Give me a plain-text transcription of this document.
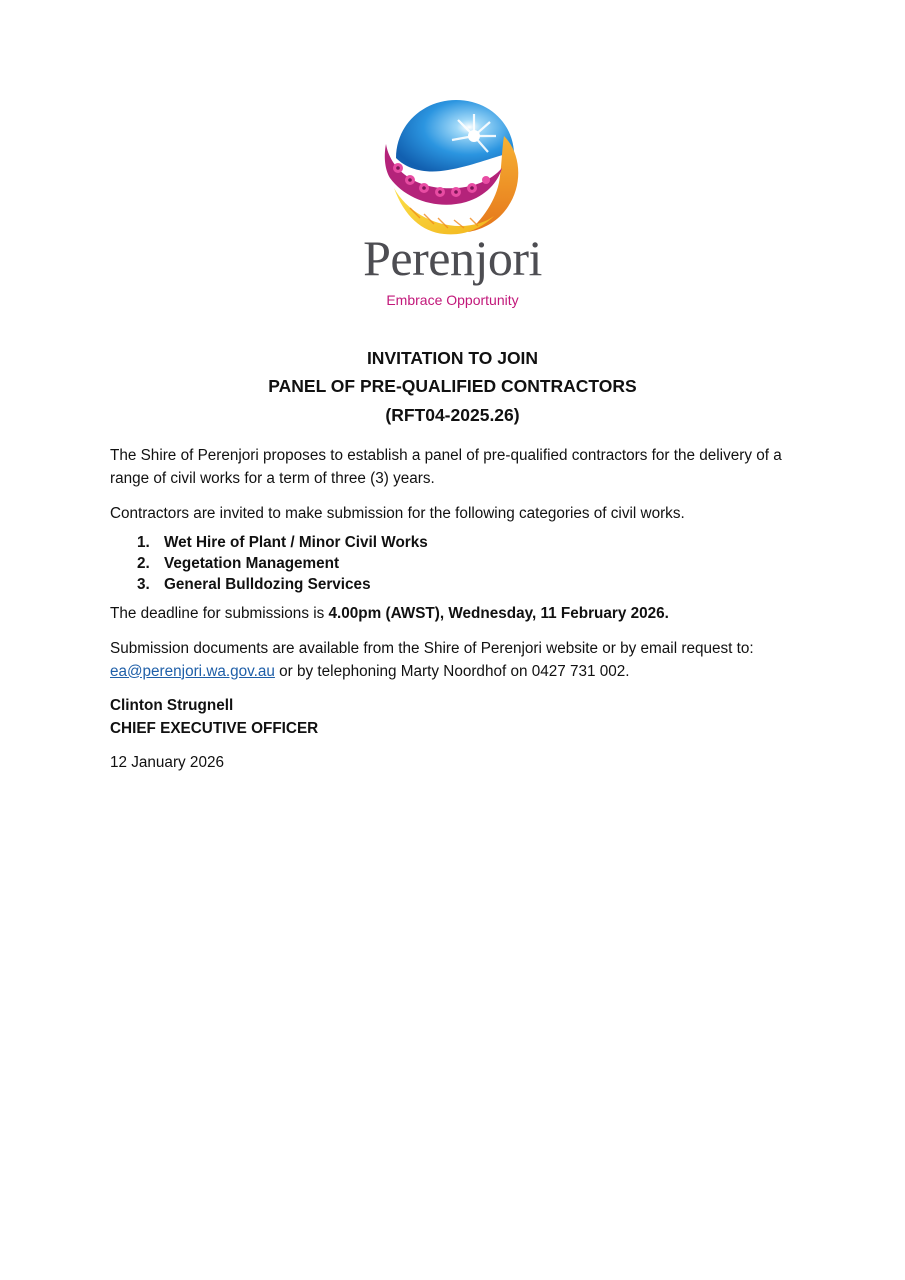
Perenjori
Embrace Opportunity
INVITATION TO JOIN
PANEL OF PRE-QUALIFIED CONTRACTORS
(RFT04-2025.26)
The Shire of Perenjori proposes to establish a panel of pre-qualified contractors for the delivery of a range of civil works for a term of three (3) years.
Contractors are invited to make submission for the following categories of civil works.
1. Wet Hire of Plant / Minor Civil Works
2. Vegetation Management
3. General Bulldozing Services
The deadline for submissions is 4.00pm (AWST), Wednesday, 11 February 2026.
Submission documents are available from the Shire of Perenjori website or by email request to:
ea@perenjori.wa.gov.au or by telephoning Marty Noordhof on 0427 731 002.
Clinton Strugnell
CHIEF EXECUTIVE OFFICER
12 January 2026
